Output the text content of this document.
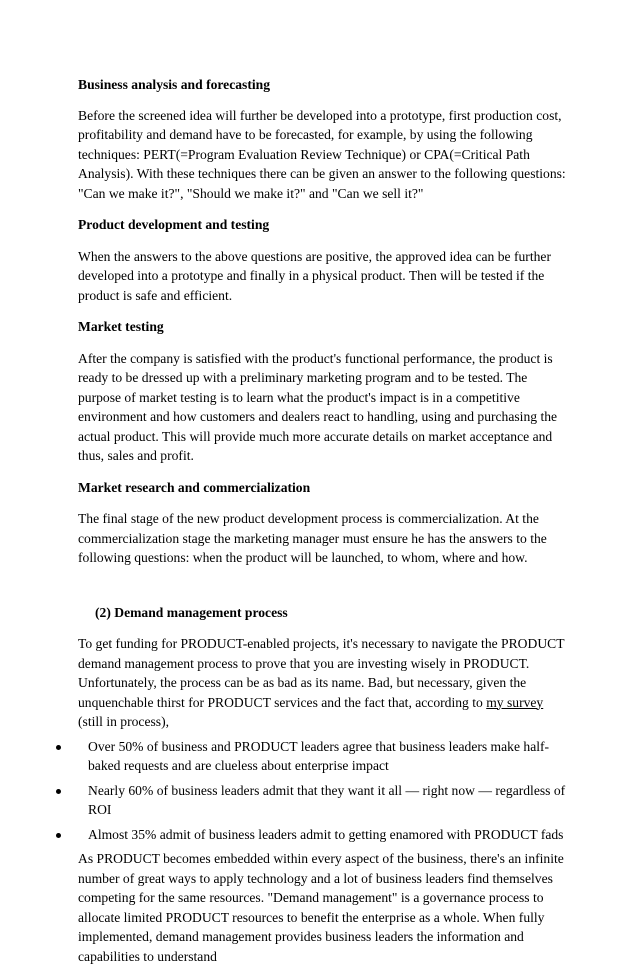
Business analysis and forecasting

Before the screened idea will further be developed into a prototype, first production cost, profitability and demand have to be forecasted, for example, by using the following techniques: PERT(=Program Evaluation Review Technique) or CPA(=Critical Path Analysis). With these techniques there can be given an answer to the following questions: "Can we make it?", "Should we make it?" and "Can we sell it?"

Product development and testing

When the answers to the above questions are positive, the approved idea can be further developed into a prototype and finally in a physical product. Then will be tested if the product is safe and efficient.

Market testing

After the company is satisfied with the product's functional performance, the product is ready to be dressed up with a preliminary marketing program and to be tested. The purpose of market testing is to learn what the product's impact is in a competitive environment and how customers and dealers react to handling, using and purchasing the actual product. This will provide much more accurate details on market acceptance and thus, sales and profit.

Market research and commercialization

The final stage of the new product development process is commercialization. At the commercialization stage the marketing manager must ensure he has the answers to the following questions: when the product will be launched, to whom, where and how.

(2) Demand management process

To get funding for PRODUCT-enabled projects, it's necessary to navigate the PRODUCT demand management process to prove that you are investing wisely in PRODUCT. Unfortunately, the process can be as bad as its name. Bad, but necessary, given the unquenchable thirst for PRODUCT services and the fact that, according to my survey (still in process),

Over 50% of business and PRODUCT leaders agree that business leaders make half-baked requests and are clueless about enterprise impact
Nearly 60% of business leaders admit that they want it all — right now — regardless of ROI
Almost 35% admit of business leaders admit to getting enamored with PRODUCT fads

As PRODUCT becomes embedded within every aspect of the business, there's an infinite number of great ways to apply technology and a lot of business leaders find themselves competing for the same resources. "Demand management" is a governance process to allocate limited PRODUCT resources to benefit the enterprise as a whole. When fully implemented, demand management provides business leaders the information and capabilities to understand
